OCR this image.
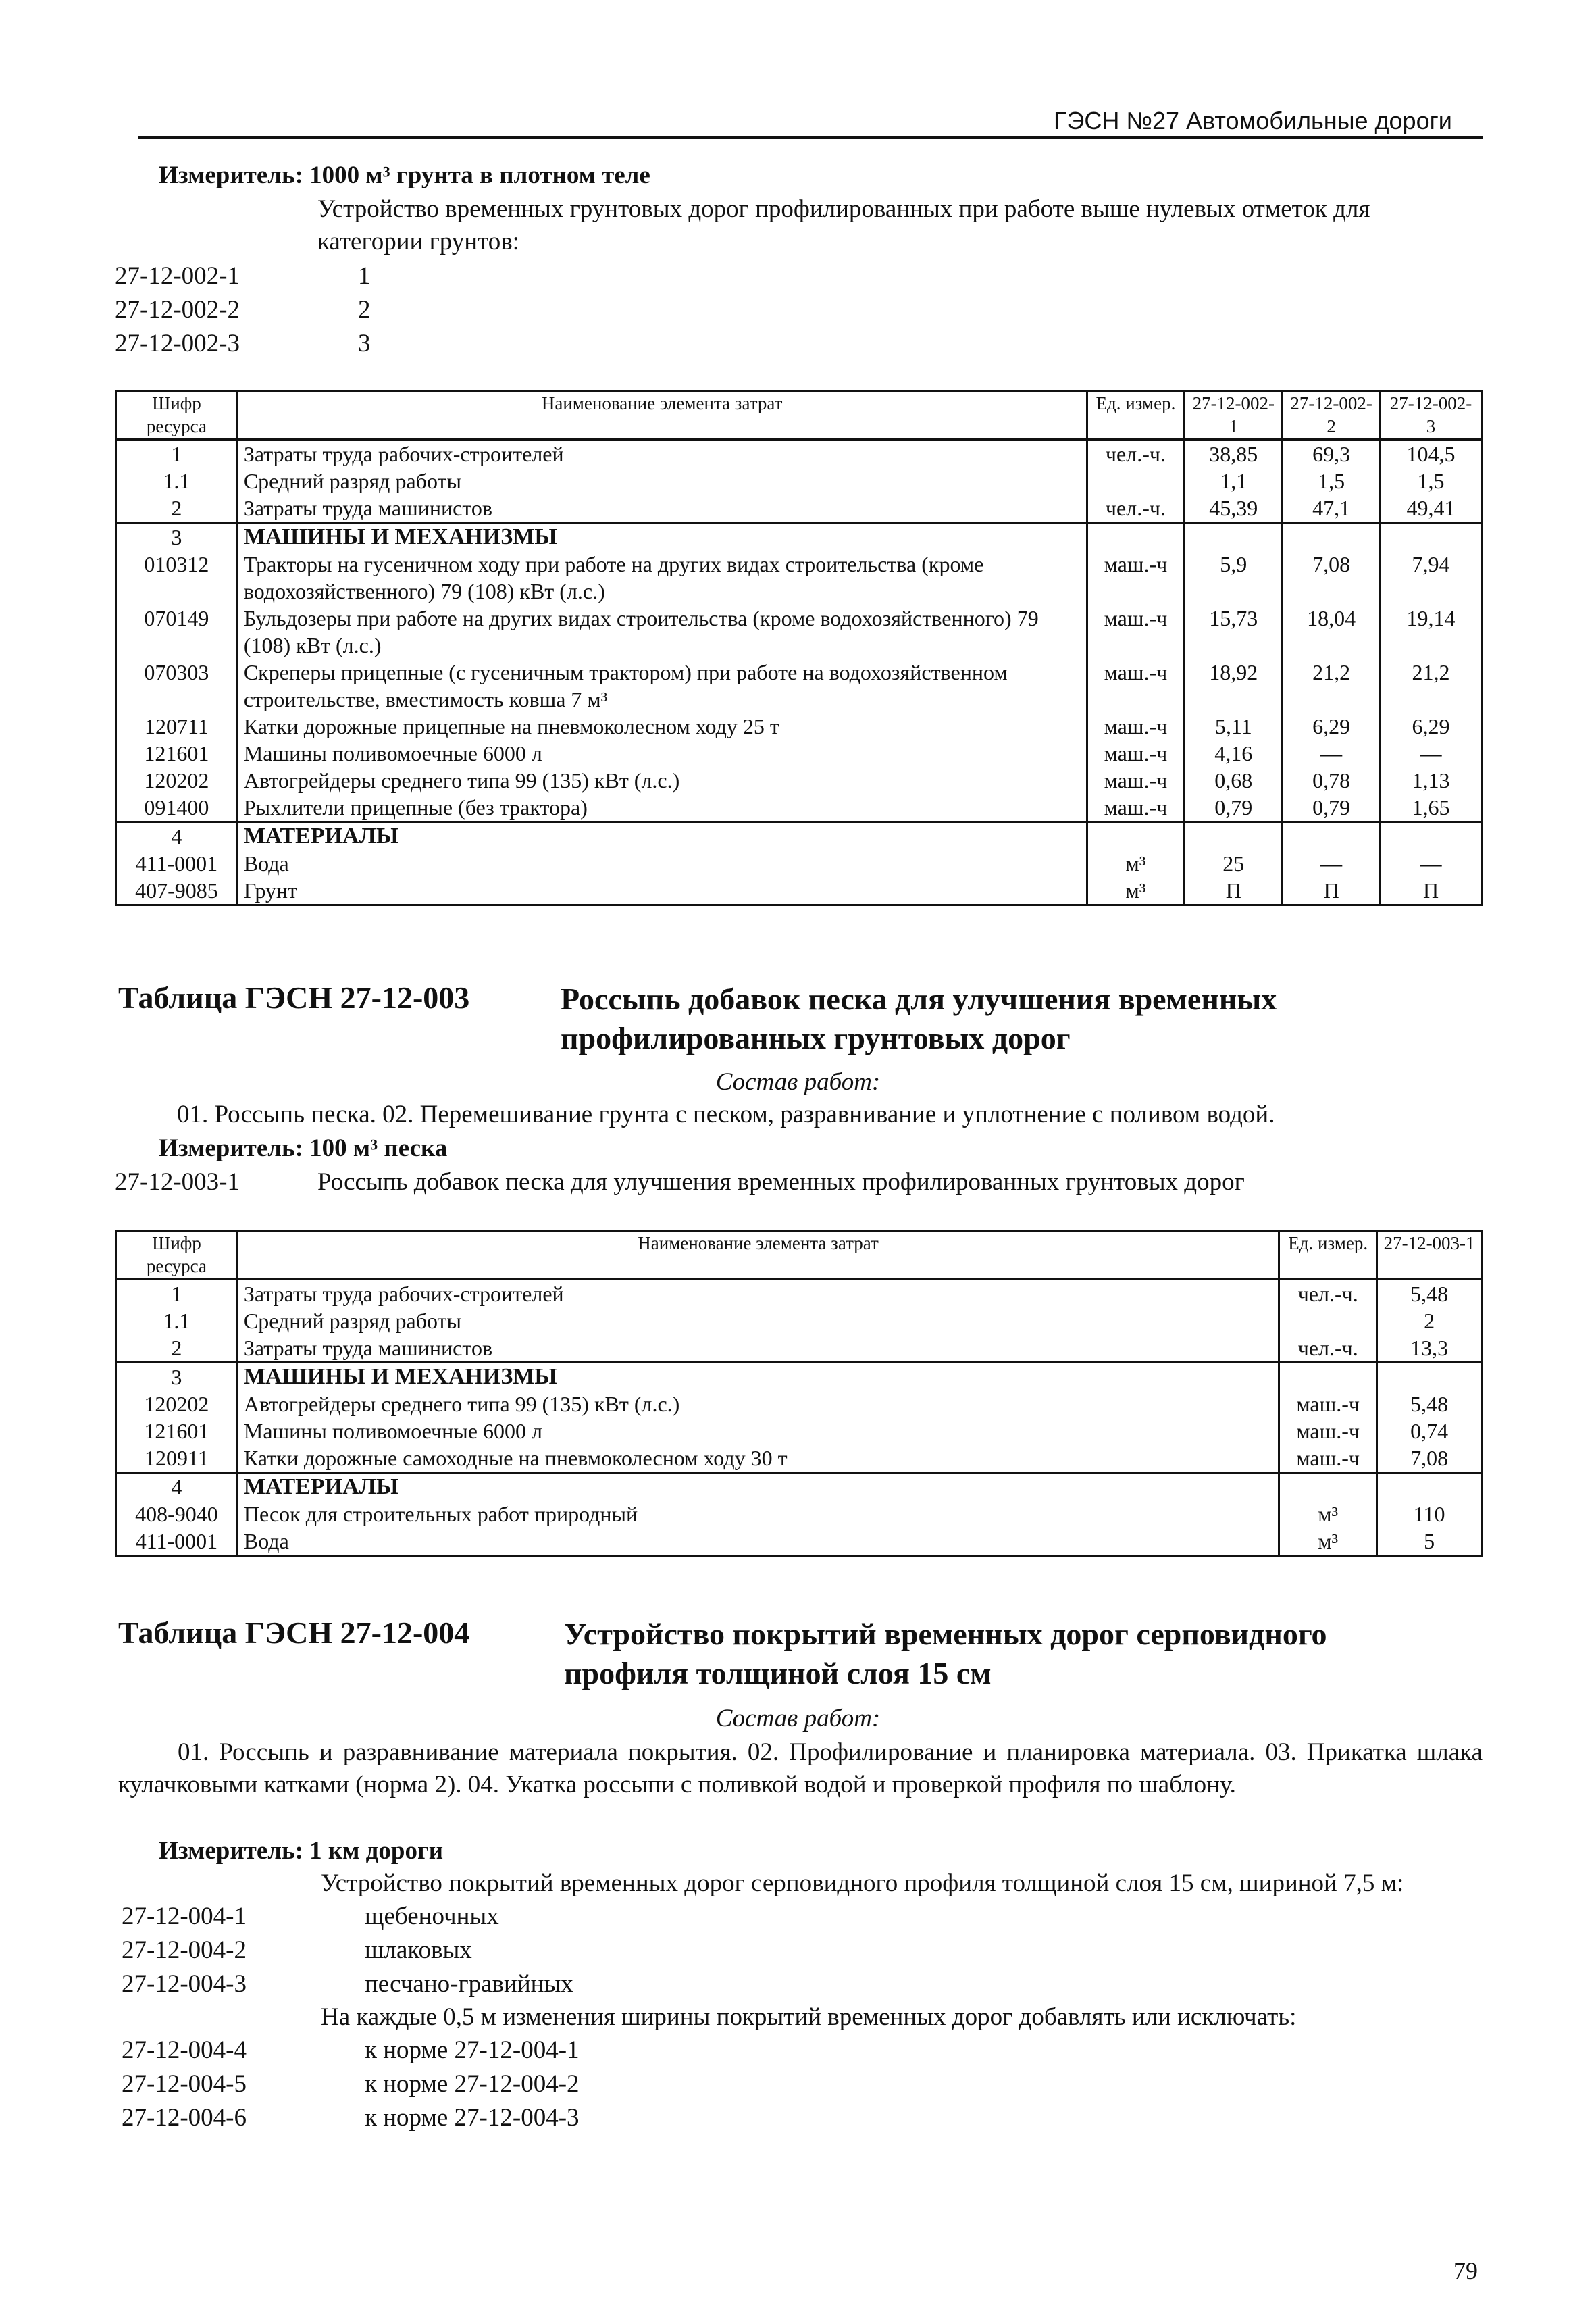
ГЭСН №27 Автомобильные дороги
Измеритель: 1000 м³ грунта в плотном теле
Устройство временных грунтовых дорог профилированных при работе выше нулевых отметок для категории грунтов:
27-12-002-1	1
27-12-002-2	2
27-12-002-3	3
Шифр ресурса	Наименование элемента затрат	Ед. измер.	27-12-002-1	27-12-002-2	27-12-002-3
1	Затраты труда рабочих-строителей	чел.-ч.	38,85	69,3	104,5
1.1	Средний разряд работы		1,1	1,5	1,5
2	Затраты труда машинистов	чел.-ч.	45,39	47,1	49,41
3	МАШИНЫ И МЕХАНИЗМЫ				
010312	Тракторы на гусеничном ходу при работе на других видах строительства (кроме водохозяйственного) 79 (108) кВт (л.с.)	маш.-ч	5,9	7,08	7,94
070149	Бульдозеры при работе на других видах строительства (кроме водохозяйственного) 79 (108) кВт (л.с.)	маш.-ч	15,73	18,04	19,14
070303	Скреперы прицепные (с гусеничным трактором) при работе на водохозяйственном строительстве, вместимость ковша 7 м³	маш.-ч	18,92	21,2	21,2
120711	Катки дорожные прицепные на пневмоколесном ходу 25 т	маш.-ч	5,11	6,29	6,29
121601	Машины поливомоечные 6000 л	маш.-ч	4,16	—	—
120202	Автогрейдеры среднего типа 99 (135) кВт (л.с.)	маш.-ч	0,68	0,78	1,13
091400	Рыхлители прицепные (без трактора)	маш.-ч	0,79	0,79	1,65
4	МАТЕРИАЛЫ				
411-0001	Вода	м³	25	—	—
407-9085	Грунт	м³	П	П	П
Таблица ГЭСН 27-12-003	Россыпь добавок песка для улучшения временных профилированных грунтовых дорог
Состав работ:
01. Россыпь песка. 02. Перемешивание грунта с песком, разравнивание и уплотнение с поливом водой.
Измеритель: 100 м³ песка
27-12-003-1	Россыпь добавок песка для улучшения временных профилированных грунтовых дорог
Шифр ресурса	Наименование элемента затрат	Ед. измер.	27-12-003-1
1	Затраты труда рабочих-строителей	чел.-ч.	5,48
1.1	Средний разряд работы		2
2	Затраты труда машинистов	чел.-ч.	13,3
3	МАШИНЫ И МЕХАНИЗМЫ		
120202	Автогрейдеры среднего типа 99 (135) кВт (л.с.)	маш.-ч	5,48
121601	Машины поливомоечные 6000 л	маш.-ч	0,74
120911	Катки дорожные самоходные на пневмоколесном ходу 30 т	маш.-ч	7,08
4	МАТЕРИАЛЫ		
408-9040	Песок для строительных работ природный	м³	110
411-0001	Вода	м³	5
Таблица ГЭСН 27-12-004	Устройство покрытий временных дорог серповидного профиля толщиной слоя 15 см
Состав работ:
01. Россыпь и разравнивание материала покрытия. 02. Профилирование и планировка материала. 03. Прикатка шлака кулачковыми катками (норма 2). 04. Укатка россыпи с поливкой водой и проверкой профиля по шаблону.
Измеритель: 1 км дороги
Устройство покрытий временных дорог серповидного профиля толщиной слоя 15 см, шириной 7,5 м:
27-12-004-1	щебеночных
27-12-004-2	шлаковых
27-12-004-3	песчано-гравийных
На каждые 0,5 м изменения ширины покрытий временных дорог добавлять или исключать:
27-12-004-4	к норме 27-12-004-1
27-12-004-5	к норме 27-12-004-2
27-12-004-6	к норме 27-12-004-3
79
